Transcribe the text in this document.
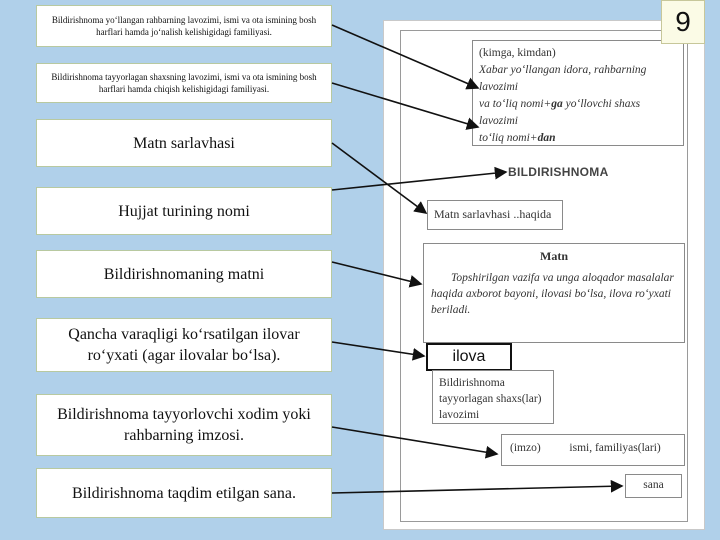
Bildirishnoma yo‘llangan rahbarning lavozimi, ismi va ota ismining bosh harflari hamda jo‘nalish kelishigidagi familiyasi.
Bildirishnoma tayyorlagan shaxsning lavozimi, ismi va ota ismining bosh harflari hamda chiqish kelishigidagi familiyasi.
Matn sarlavhasi
Hujjat turining nomi
Bildirishnomaning matni
Qancha varaqligi ko‘rsatilgan ilovar ro‘yxati (agar ilovalar bo‘lsa).
Bildirishnoma tayyorlovchi xodim yoki rahbarning imzosi.
Bildirishnoma taqdim etilgan sana.
(kimga, kimdan)
Xabar yo‘llangan idora, rahbarning lavozimi
va to‘liq nomi+ga yo‘llovchi shaxs lavozimi
to‘liq nomi+dan
BILDIRISHNOMA
Matn sarlavhasi ..haqida
Matn
Topshirilgan vazifa va unga aloqador masalalar haqida axborot bayoni, ilovasi bo‘lsa, ilova ro‘yxati beriladi.
ilova
Bildirishnoma tayyorlagan shaxs(lar) lavozimi
(imzo)          ismi, familiyas(lari)
sana
9
